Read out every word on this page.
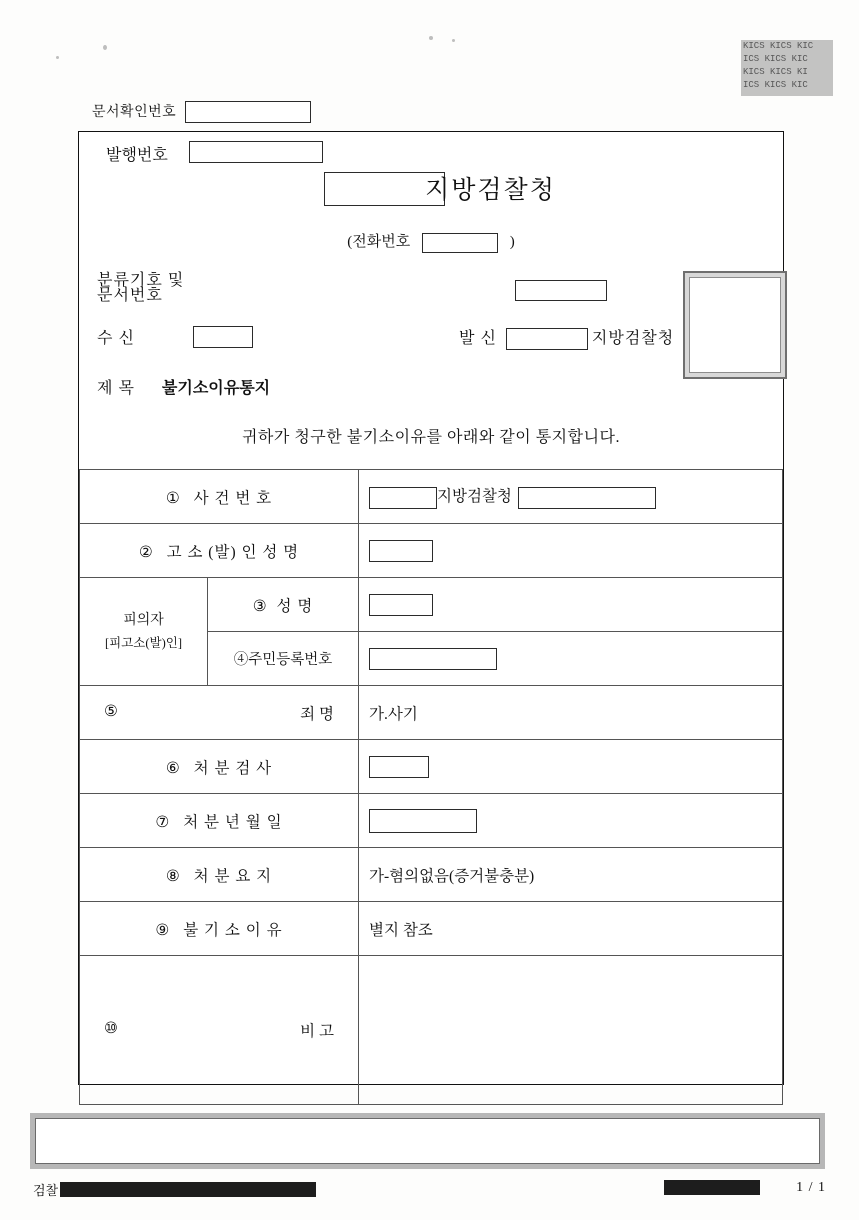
KICS KICS KIC
ICS KICS KIC
KICS KICS KI
ICS KICS KIC
문서확인번호
발행번호
지방검찰청
(전화번호	)
분류기호 및
문서번호
수 신	발 신	지방검찰청
제 목 불기소이유통지
귀하가 청구한 불기소이유를 아래와 같이 통지합니다.
① 사 건 번 호		지방검찰청
② 고 소 (발) 인 성 명		

피의자
[피고소(발)인]	③ 성 명	
	④주민등록번호	

⑤ 죄 명		가.사기
⑥ 처 분 검 사		
⑦ 처 분 년 월 일		
⑧ 처 분 요 지		가-혐의없음(증거불충분)
⑨ 불 기 소 이 유		별지 참조

⑩ 비 고		

검찰	1 / 1
